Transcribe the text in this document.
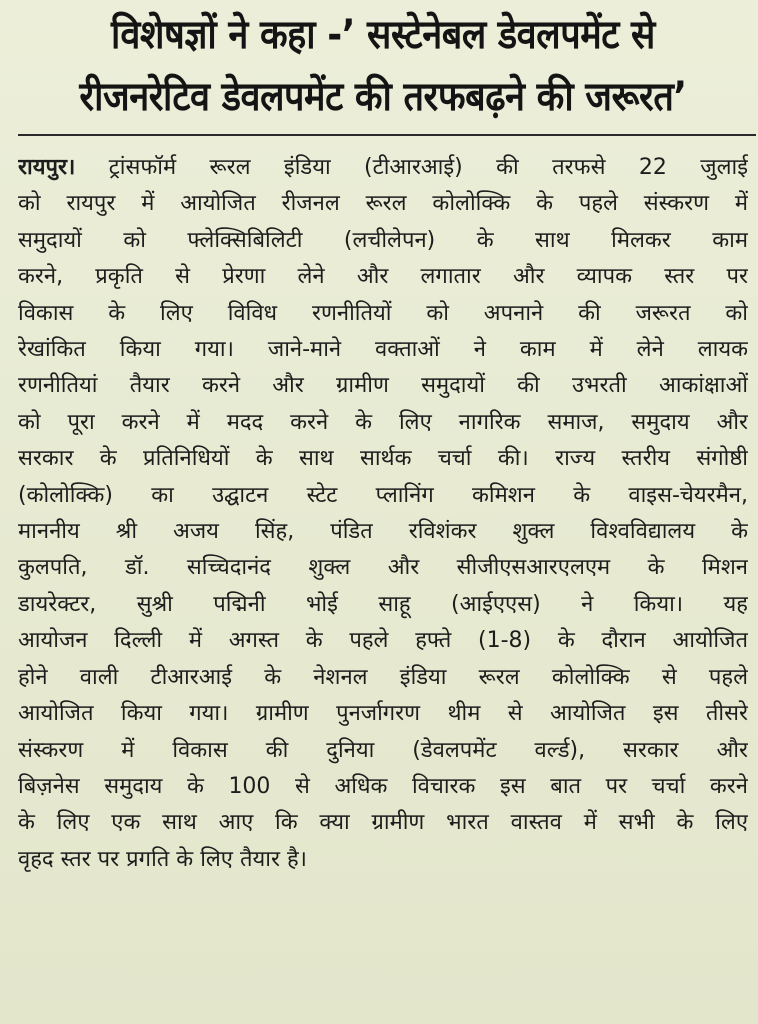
विशेषज्ञों ने कहा -’ सस्टेनेबल डेवलपमेंट से
रीजनरेटिव डेवलपमेंट की तरफबढ़ने की जरूरत’
रायपुर। ट्रांसफॉर्म रूरल इंडिया (टीआरआई) की तरफसे 22 जुलाई
को रायपुर में आयोजित रीजनल रूरल कोलोक्कि के पहले संस्करण में
समुदायों को फ्लेक्सिबिलिटी (लचीलेपन) के साथ मिलकर काम
करने, प्रकृति से प्रेरणा लेने और लगातार और व्यापक स्तर पर
विकास के लिए विविध रणनीतियों को अपनाने की जरूरत को
रेखांकित किया गया। जाने-माने वक्ताओं ने काम में लेने लायक
रणनीतियां तैयार करने और ग्रामीण समुदायों की उभरती आकांक्षाओं
को पूरा करने में मदद करने के लिए नागरिक समाज, समुदाय और
सरकार के प्रतिनिधियों के साथ सार्थक चर्चा की। राज्य स्तरीय संगोष्ठी
(कोलोक्कि) का उद्घाटन स्टेट प्लानिंग कमिशन के वाइस-चेयरमैन,
माननीय श्री अजय सिंह, पंडित रविशंकर शुक्ल विश्वविद्यालय के
कुलपति, डॉ. सच्चिदानंद शुक्ल और सीजीएसआरएलएम के मिशन
डायरेक्टर, सुश्री पद्मिनी भोई साहू (आईएएस) ने किया। यह
आयोजन दिल्ली में अगस्त के पहले हफ्ते (1-8) के दौरान आयोजित
होने वाली टीआरआई के नेशनल इंडिया रूरल कोलोक्कि से पहले
आयोजित किया गया। ग्रामीण पुनर्जागरण थीम से आयोजित इस तीसरे
संस्करण में विकास की दुनिया (डेवलपमेंट वर्ल्ड), सरकार और
बिज़नेस समुदाय के 100 से अधिक विचारक इस बात पर चर्चा करने
के लिए एक साथ आए कि क्या ग्रामीण भारत वास्तव में सभी के लिए
वृहद स्तर पर प्रगति के लिए तैयार है।
